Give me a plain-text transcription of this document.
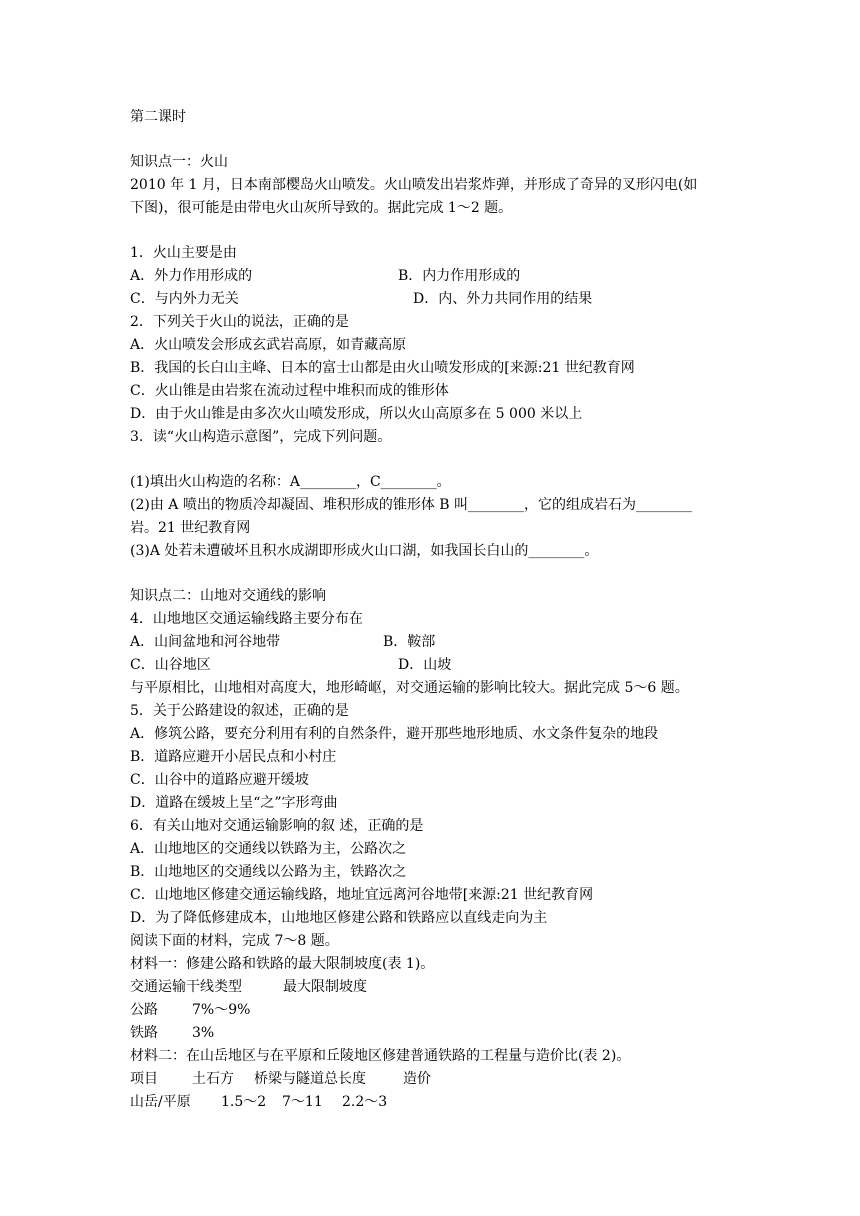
第二课时
知识点一：火山
2010 年 1 月，日本南部樱岛火山喷发。火山喷发出岩浆炸弹，并形成了奇异的叉形闪电(如
下图)，很可能是由带电火山灰所导致的。据此完成 1～2 题。
1．火山主要是由
A．外力作用形成的	B．内力作用形成的
C．与内外力无关	D．内、外力共同作用的结果
2．下列关于火山的说法，正确的是
A．火山喷发会形成玄武岩高原，如青藏高原
B．我国的长白山主峰、日本的富士山都是由火山喷发形成的[来源:21 世纪教育网
C．火山锥是由岩浆在流动过程中堆积而成的锥形体
D．由于火山锥是由多次火山喷发形成，所以火山高原多在 5 000 米以上
3．读“火山构造示意图”，完成下列问题。
(1)填出火山构造的名称：A________，C________。
(2)由 A 喷出的物质冷却凝固、堆积形成的锥形体 B 叫________，它的组成岩石为________
岩。21 世纪教育网
(3)A 处若未遭破坏且积水成湖即形成火山口湖，如我国长白山的________。
知识点二：山地对交通线的影响
4．山地地区交通运输线路主要分布在
A．山间盆地和河谷地带	B．鞍部
C．山谷地区	D．山坡
与平原相比，山地相对高度大，地形崎岖，对交通运输的影响比较大。据此完成 5～6 题。
5．关于公路建设的叙述，正确的是
A．修筑公路，要充分利用有利的自然条件，避开那些地形地质、水文条件复杂的地段
B．道路应避开小居民点和小村庄
C．山谷中的道路应避开缓坡
D．道路在缓坡上呈“之”字形弯曲
6．有关山地对交通运输影响的叙 述，正确的是
A．山地地区的交通线以铁路为主，公路次之
B．山地地区的交通线以公路为主，铁路次之
C．山地地区修建交通运输线路，地址宜远离河谷地带[来源:21 世纪教育网
D．为了降低修建成本，山地地区修建公路和铁路应以直线走向为主
阅读下面的材料，完成 7～8 题。
材料一：修建公路和铁路的最大限制坡度(表 1)。
交通运输干线类型	最大限制坡度
公路 7%～9%
铁路 3%
材料二：在山岳地区与在平原和丘陵地区修建普通铁路的工程量与造价比(表 2)。
项目 土石方 桥梁与隧道总长度	造价
山岳/平原 1.5～2 7～11 2.2～3
